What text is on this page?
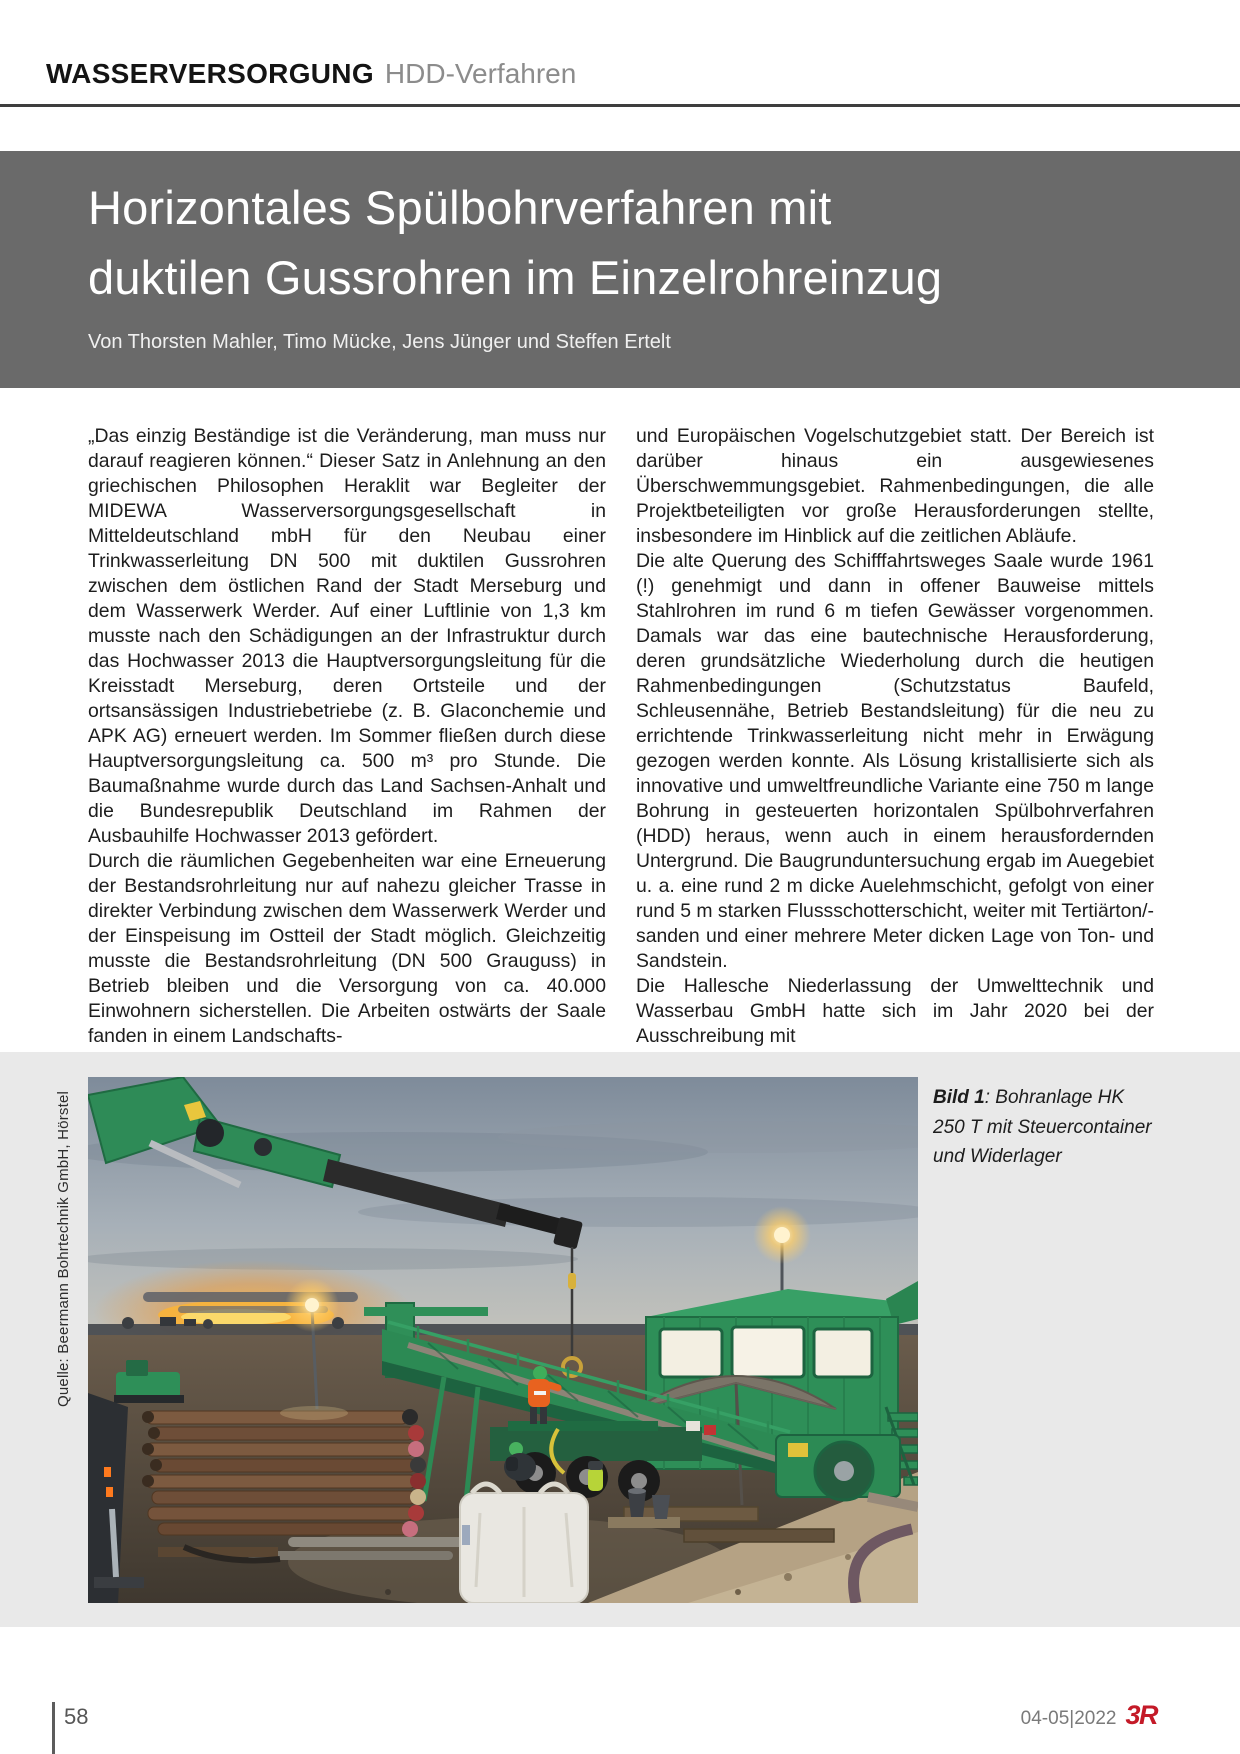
WASSERVERSORGUNG HDD-Verfahren
Horizontales Spülbohrverfahren mit
duktilen Gussrohren im Einzelrohreinzug
Von Thorsten Mahler, Timo Mücke, Jens Jünger und Steffen Ertelt

„Das einzig Beständige ist die Veränderung, man muss nur darauf reagieren können.“ Dieser Satz in Anlehnung an den griechischen Philosophen Heraklit war Begleiter der MIDEWA Wasserversorgungsgesellschaft in Mitteldeutschland mbH für den Neubau einer Trinkwasserleitung DN 500 mit duktilen Gussrohren zwischen dem östlichen Rand der Stadt Merseburg und dem Wasserwerk Werder. Auf einer Luftlinie von 1,3 km musste nach den Schädigungen an der Infrastruktur durch das Hochwasser 2013 die Hauptversorgungsleitung für die Kreisstadt Merseburg, deren Ortsteile und der ortsansässigen Industriebetriebe (z. B. Glaconchemie und APK AG) erneuert werden. Im Sommer fließen durch diese Hauptversorgungsleitung ca. 500 m³ pro Stunde. Die Baumaßnahme wurde durch das Land Sachsen-Anhalt und die Bundesrepublik Deutschland im Rahmen der Ausbauhilfe Hochwasser 2013 gefördert.

Durch die räumlichen Gegebenheiten war eine Erneuerung der Bestandsrohrleitung nur auf nahezu gleicher Trasse in direkter Verbindung zwischen dem Wasserwerk Werder und der Einspeisung im Ostteil der Stadt möglich. Gleichzeitig musste die Bestandsrohrleitung (DN 500 Grauguss) in Betrieb bleiben und die Versorgung von ca. 40.000 Einwohnern sicherstellen. Die Arbeiten ostwärts der Saale fanden in einem Landschafts-

und Europäischen Vogelschutzgebiet statt. Der Bereich ist darüber hinaus ein ausgewiesenes Überschwemmungsgebiet. Rahmenbedingungen, die alle Projektbeteiligten vor große Herausforderungen stellte, insbesondere im Hinblick auf die zeitlichen Abläufe.

Die alte Querung des Schifffahrtsweges Saale wurde 1961 (!) genehmigt und dann in offener Bauweise mittels Stahlrohren im rund 6 m tiefen Gewässer vorgenommen. Damals war das eine bautechnische Herausforderung, deren grundsätzliche Wiederholung durch die heutigen Rahmenbedingungen (Schutzstatus Baufeld, Schleusennähe, Betrieb Bestandsleitung) für die neu zu errichtende Trinkwasserleitung nicht mehr in Erwägung gezogen werden konnte. Als Lösung kristallisierte sich als innovative und umweltfreundliche Variante eine 750 m lange Bohrung in gesteuerten horizontalen Spülbohrverfahren (HDD) heraus, wenn auch in einem herausfordernden Untergrund. Die Baugrunduntersuchung ergab im Auegebiet u. a. eine rund 2 m dicke Auelehmschicht, gefolgt von einer rund 5 m starken Flussschotterschicht, weiter mit Tertiärton/-sanden und einer mehrere Meter dicken Lage von Ton- und Sandstein.

Die Hallesche Niederlassung der Umwelttechnik und Wasserbau GmbH hatte sich im Jahr 2020 bei der Ausschreibung mit

Quelle: Beermann Bohrtechnik GmbH, Hörstel	Bild 1: Bohranlage HK 250 T mit Steuercontainer und Widerlager
58	04-05|2022 3R
